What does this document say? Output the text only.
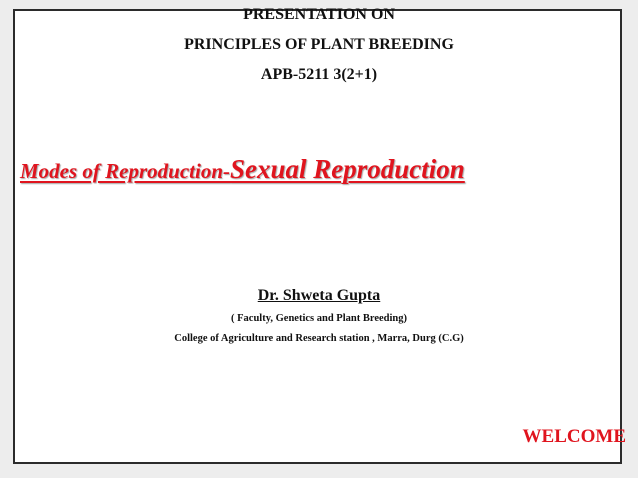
PRESENTATION ON
PRINCIPLES OF PLANT BREEDING
APB-5211 3(2+1)
Modes of Reproduction-Sexual Reproduction
Dr. Shweta Gupta
( Faculty, Genetics and Plant Breeding)
College of Agriculture and Research station , Marra, Durg (C.G)
WELCOME
